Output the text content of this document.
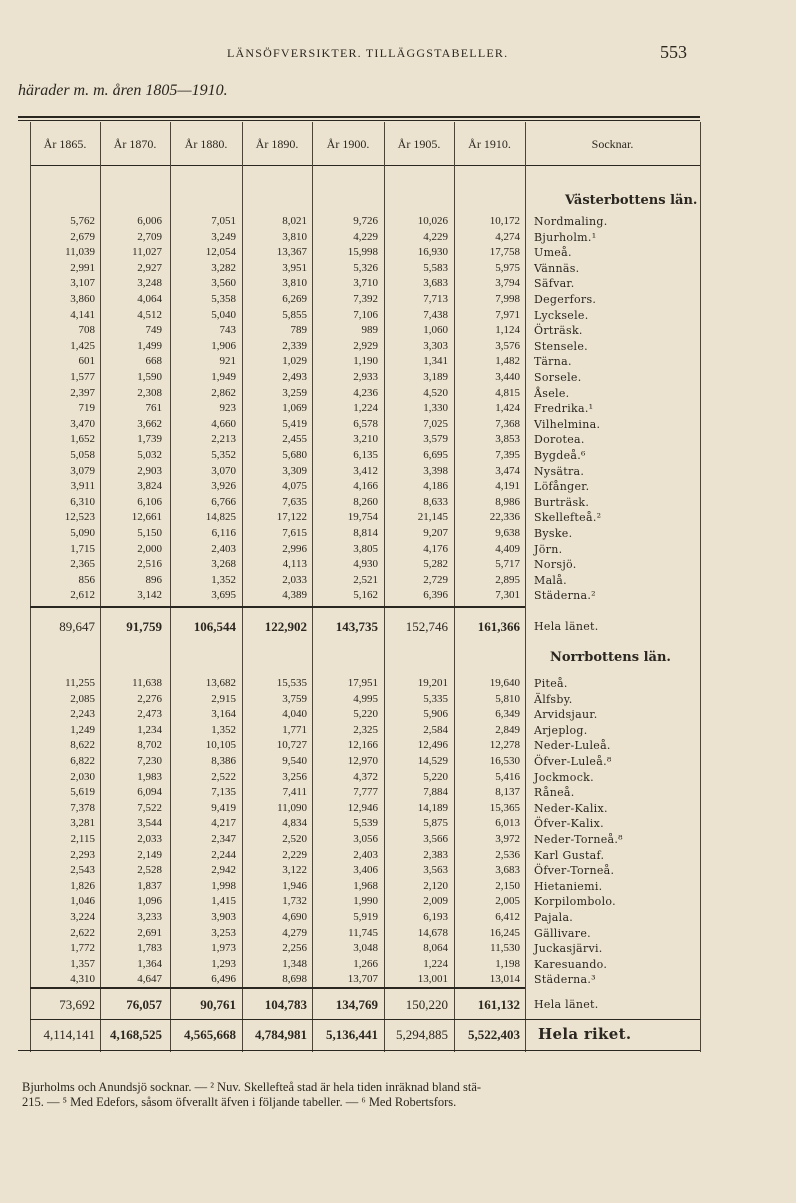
LÄNSÖFVERSIKTER. TILLÄGGSTABELLER.	553
härader m. m. åren 1805—1910.
År 1865.	År 1870.	År 1880.	År 1890.	År 1900.	År 1905.	År 1910.	Socknar.
Västerbottens län.
5,762	6,006	7,051	8,021	9,726	10,026	10,172 Nordmaling.
2,679	2,709	3,249	3,810	4,229	4,229	4,274 Bjurholm.¹
11,039	11,027	12,054	13,367	15,998	16,930	17,758 Umeå.
2,991	2,927	3,282	3,951	5,326	5,583	5,975 Vännäs.
3,107	3,248	3,560	3,810	3,710	3,683	3,794 Säfvar.
3,860	4,064	5,358	6,269	7,392	7,713	7,998 Degerfors.
4,141	4,512	5,040	5,855	7,106	7,438	7,971 Lycksele.
708	749	743	789	989	1,060	1,124 Örträsk.
1,425	1,499	1,906	2,339	2,929	3,303	3,576 Stensele.
601	668	921	1,029	1,190	1,341	1,482 Tärna.
1,577	1,590	1,949	2,493	2,933	3,189	3,440 Sorsele.
2,397	2,308	2,862	3,259	4,236	4,520	4,815 Åsele.
719	761	923	1,069	1,224	1,330	1,424 Fredrika.¹
3,470	3,662	4,660	5,419	6,578	7,025	7,368 Vilhelmina.
1,652	1,739	2,213	2,455	3,210	3,579	3,853 Dorotea.
5,058	5,032	5,352	5,680	6,135	6,695	7,395 Bygdeå.⁶
3,079	2,903	3,070	3,309	3,412	3,398	3,474 Nysätra.
3,911	3,824	3,926	4,075	4,166	4,186	4,191 Löfånger.
6,310	6,106	6,766	7,635	8,260	8,633	8,986 Burträsk.
12,523	12,661	14,825	17,122	19,754	21,145	22,336 Skellefteå.²
5,090	5,150	6,116	7,615	8,814	9,207	9,638 Byske.
1,715	2,000	2,403	2,996	3,805	4,176	4,409 Jörn.
2,365	2,516	3,268	4,113	4,930	5,282	5,717 Norsjö.
856	896	1,352	2,033	2,521	2,729	2,895 Malå.
2,612	3,142	3,695	4,389	5,162	6,396	7,301 Städerna.²
89,647	91,759	106,544	122,902	143,735	152,746	161,366 Hela länet.
Norrbottens län.
11,255	11,638	13,682	15,535	17,951	19,201	19,640 Piteå.
2,085	2,276	2,915	3,759	4,995	5,335	5,810 Älfsby.
2,243	2,473	3,164	4,040	5,220	5,906	6,349 Arvidsjaur.
1,249	1,234	1,352	1,771	2,325	2,584	2,849 Arjeplog.
8,622	8,702	10,105	10,727	12,166	12,496	12,278 Neder-Luleå.
6,822	7,230	8,386	9,540	12,970	14,529	16,530 Öfver-Luleå.⁸
2,030	1,983	2,522	3,256	4,372	5,220	5,416 Jockmock.
5,619	6,094	7,135	7,411	7,777	7,884	8,137 Råneå.
7,378	7,522	9,419	11,090	12,946	14,189	15,365 Neder-Kalix.
3,281	3,544	4,217	4,834	5,539	5,875	6,013 Öfver-Kalix.
2,115	2,033	2,347	2,520	3,056	3,566	3,972 Neder-Torneå.⁸
2,293	2,149	2,244	2,229	2,403	2,383	2,536 Karl Gustaf.
2,543	2,528	2,942	3,122	3,406	3,563	3,683 Öfver-Torneå.
1,826	1,837	1,998	1,946	1,968	2,120	2,150 Hietaniemi.
1,046	1,096	1,415	1,732	1,990	2,009	2,005 Korpilombolo.
3,224	3,233	3,903	4,690	5,919	6,193	6,412 Pajala.
2,622	2,691	3,253	4,279	11,745	14,678	16,245 Gällivare.
1,772	1,783	1,973	2,256	3,048	8,064	11,530 Juckasjärvi.
1,357	1,364	1,293	1,348	1,266	1,224	1,198 Karesuando.
4,310	4,647	6,496	8,698	13,707	13,001	13,014 Städerna.³
73,692	76,057	90,761	104,783	134,769	150,220	161,132 Hela länet.
4,114,141	4,168,525	4,565,668	4,784,981	5,136,441	5,294,885	5,522,403 Hela riket.
Bjurholms och Anundsjö socknar. — ² Nuv. Skellefteå stad är hela tiden inräknad bland stä-
215. — ⁵ Med Edefors, såsom öfverallt äfven i följande tabeller. — ⁶ Med Robertsfors.
